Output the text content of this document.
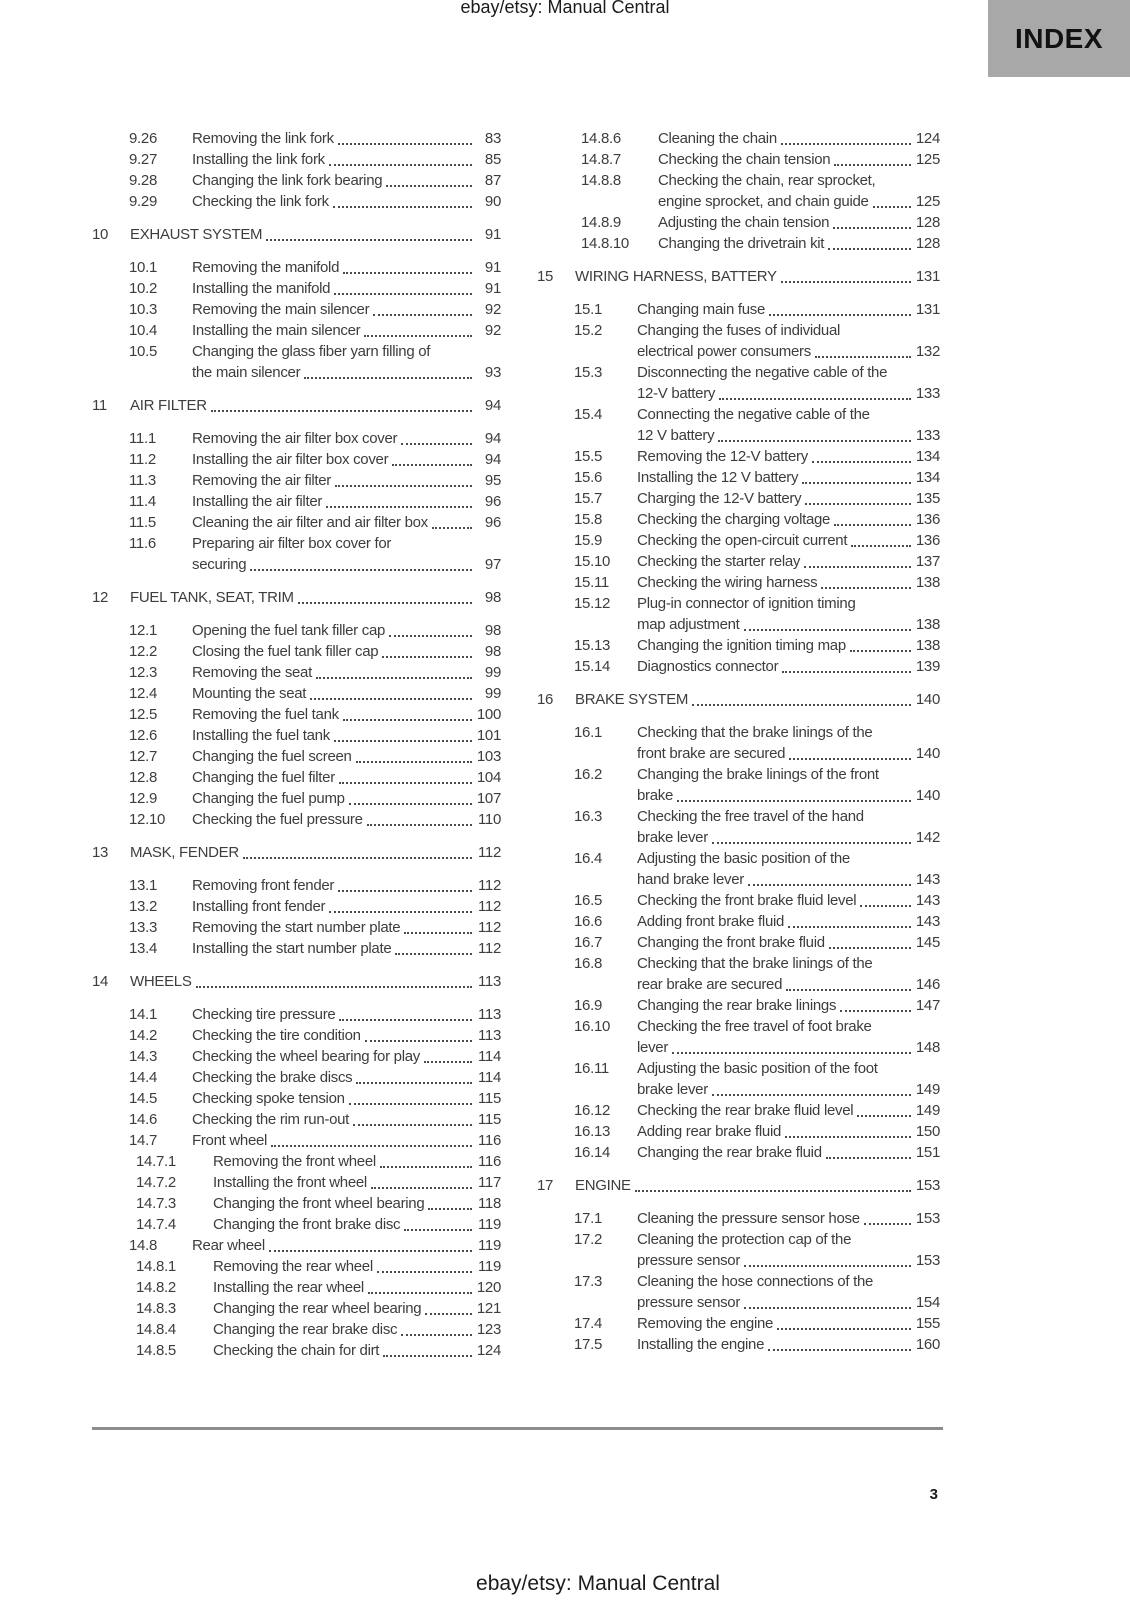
ebay/etsy: Manual Central
INDEX
9.26	Removing the link fork	83
9.27	Installing the link fork	85
9.28	Changing the link fork bearing	87
9.29	Checking the link fork	90
10	EXHAUST SYSTEM	91
10.1	Removing the manifold	91
10.2	Installing the manifold	91
10.3	Removing the main silencer	92
10.4	Installing the main silencer	92
10.5	Changing the glass fiber yarn filling of
the main silencer	93
11	AIR FILTER	94
11.1	Removing the air filter box cover	94
11.2	Installing the air filter box cover	94
11.3	Removing the air filter	95
11.4	Installing the air filter	96
11.5	Cleaning the air filter and air filter box	96
11.6	Preparing air filter box cover for
securing	97
12	FUEL TANK, SEAT, TRIM	98
12.1	Opening the fuel tank filler cap	98
12.2	Closing the fuel tank filler cap	98
12.3	Removing the seat	99
12.4	Mounting the seat	99
12.5	Removing the fuel tank	100
12.6	Installing the fuel tank	101
12.7	Changing the fuel screen	103
12.8	Changing the fuel filter	104
12.9	Changing the fuel pump	107
12.10	Checking the fuel pressure	110
13	MASK, FENDER	112
13.1	Removing front fender	112
13.2	Installing front fender	112
13.3	Removing the start number plate	112
13.4	Installing the start number plate	112
14	WHEELS	113
14.1	Checking tire pressure	113
14.2	Checking the tire condition	113
14.3	Checking the wheel bearing for play	114
14.4	Checking the brake discs	114
14.5	Checking spoke tension	115
14.6	Checking the rim run-out	115
14.7	Front wheel	116
14.7.1	Removing the front wheel	116
14.7.2	Installing the front wheel	117
14.7.3	Changing the front wheel bearing	118
14.7.4	Changing the front brake disc	119
14.8	Rear wheel	119
14.8.1	Removing the rear wheel	119
14.8.2	Installing the rear wheel	120
14.8.3	Changing the rear wheel bearing	121
14.8.4	Changing the rear brake disc	123
14.8.5	Checking the chain for dirt	124
14.8.6	Cleaning the chain	124
14.8.7	Checking the chain tension	125
14.8.8	Checking the chain, rear sprocket,
engine sprocket, and chain guide	125
14.8.9	Adjusting the chain tension	128
14.8.10	Changing the drivetrain kit	128
15	WIRING HARNESS, BATTERY	131
15.1	Changing main fuse	131
15.2	Changing the fuses of individual
electrical power consumers	132
15.3	Disconnecting the negative cable of the
12-V battery	133
15.4	Connecting the negative cable of the
12 V battery	133
15.5	Removing the 12-V battery	134
15.6	Installing the 12 V battery	134
15.7	Charging the 12-V battery	135
15.8	Checking the charging voltage	136
15.9	Checking the open-circuit current	136
15.10	Checking the starter relay	137
15.11	Checking the wiring harness	138
15.12	Plug-in connector of ignition timing
map adjustment	138
15.13	Changing the ignition timing map	138
15.14	Diagnostics connector	139
16	BRAKE SYSTEM	140
16.1	Checking that the brake linings of the
front brake are secured	140
16.2	Changing the brake linings of the front
brake	140
16.3	Checking the free travel of the hand
brake lever	142
16.4	Adjusting the basic position of the
hand brake lever	143
16.5	Checking the front brake fluid level	143
16.6	Adding front brake fluid	143
16.7	Changing the front brake fluid	145
16.8	Checking that the brake linings of the
rear brake are secured	146
16.9	Changing the rear brake linings	147
16.10	Checking the free travel of foot brake
lever	148
16.11	Adjusting the basic position of the foot
brake lever	149
16.12	Checking the rear brake fluid level	149
16.13	Adding rear brake fluid	150
16.14	Changing the rear brake fluid	151
17	ENGINE	153
17.1	Cleaning the pressure sensor hose	153
17.2	Cleaning the protection cap of the
pressure sensor	153
17.3	Cleaning the hose connections of the
pressure sensor	154
17.4	Removing the engine	155
17.5	Installing the engine	160
3
ebay/etsy: Manual Central
